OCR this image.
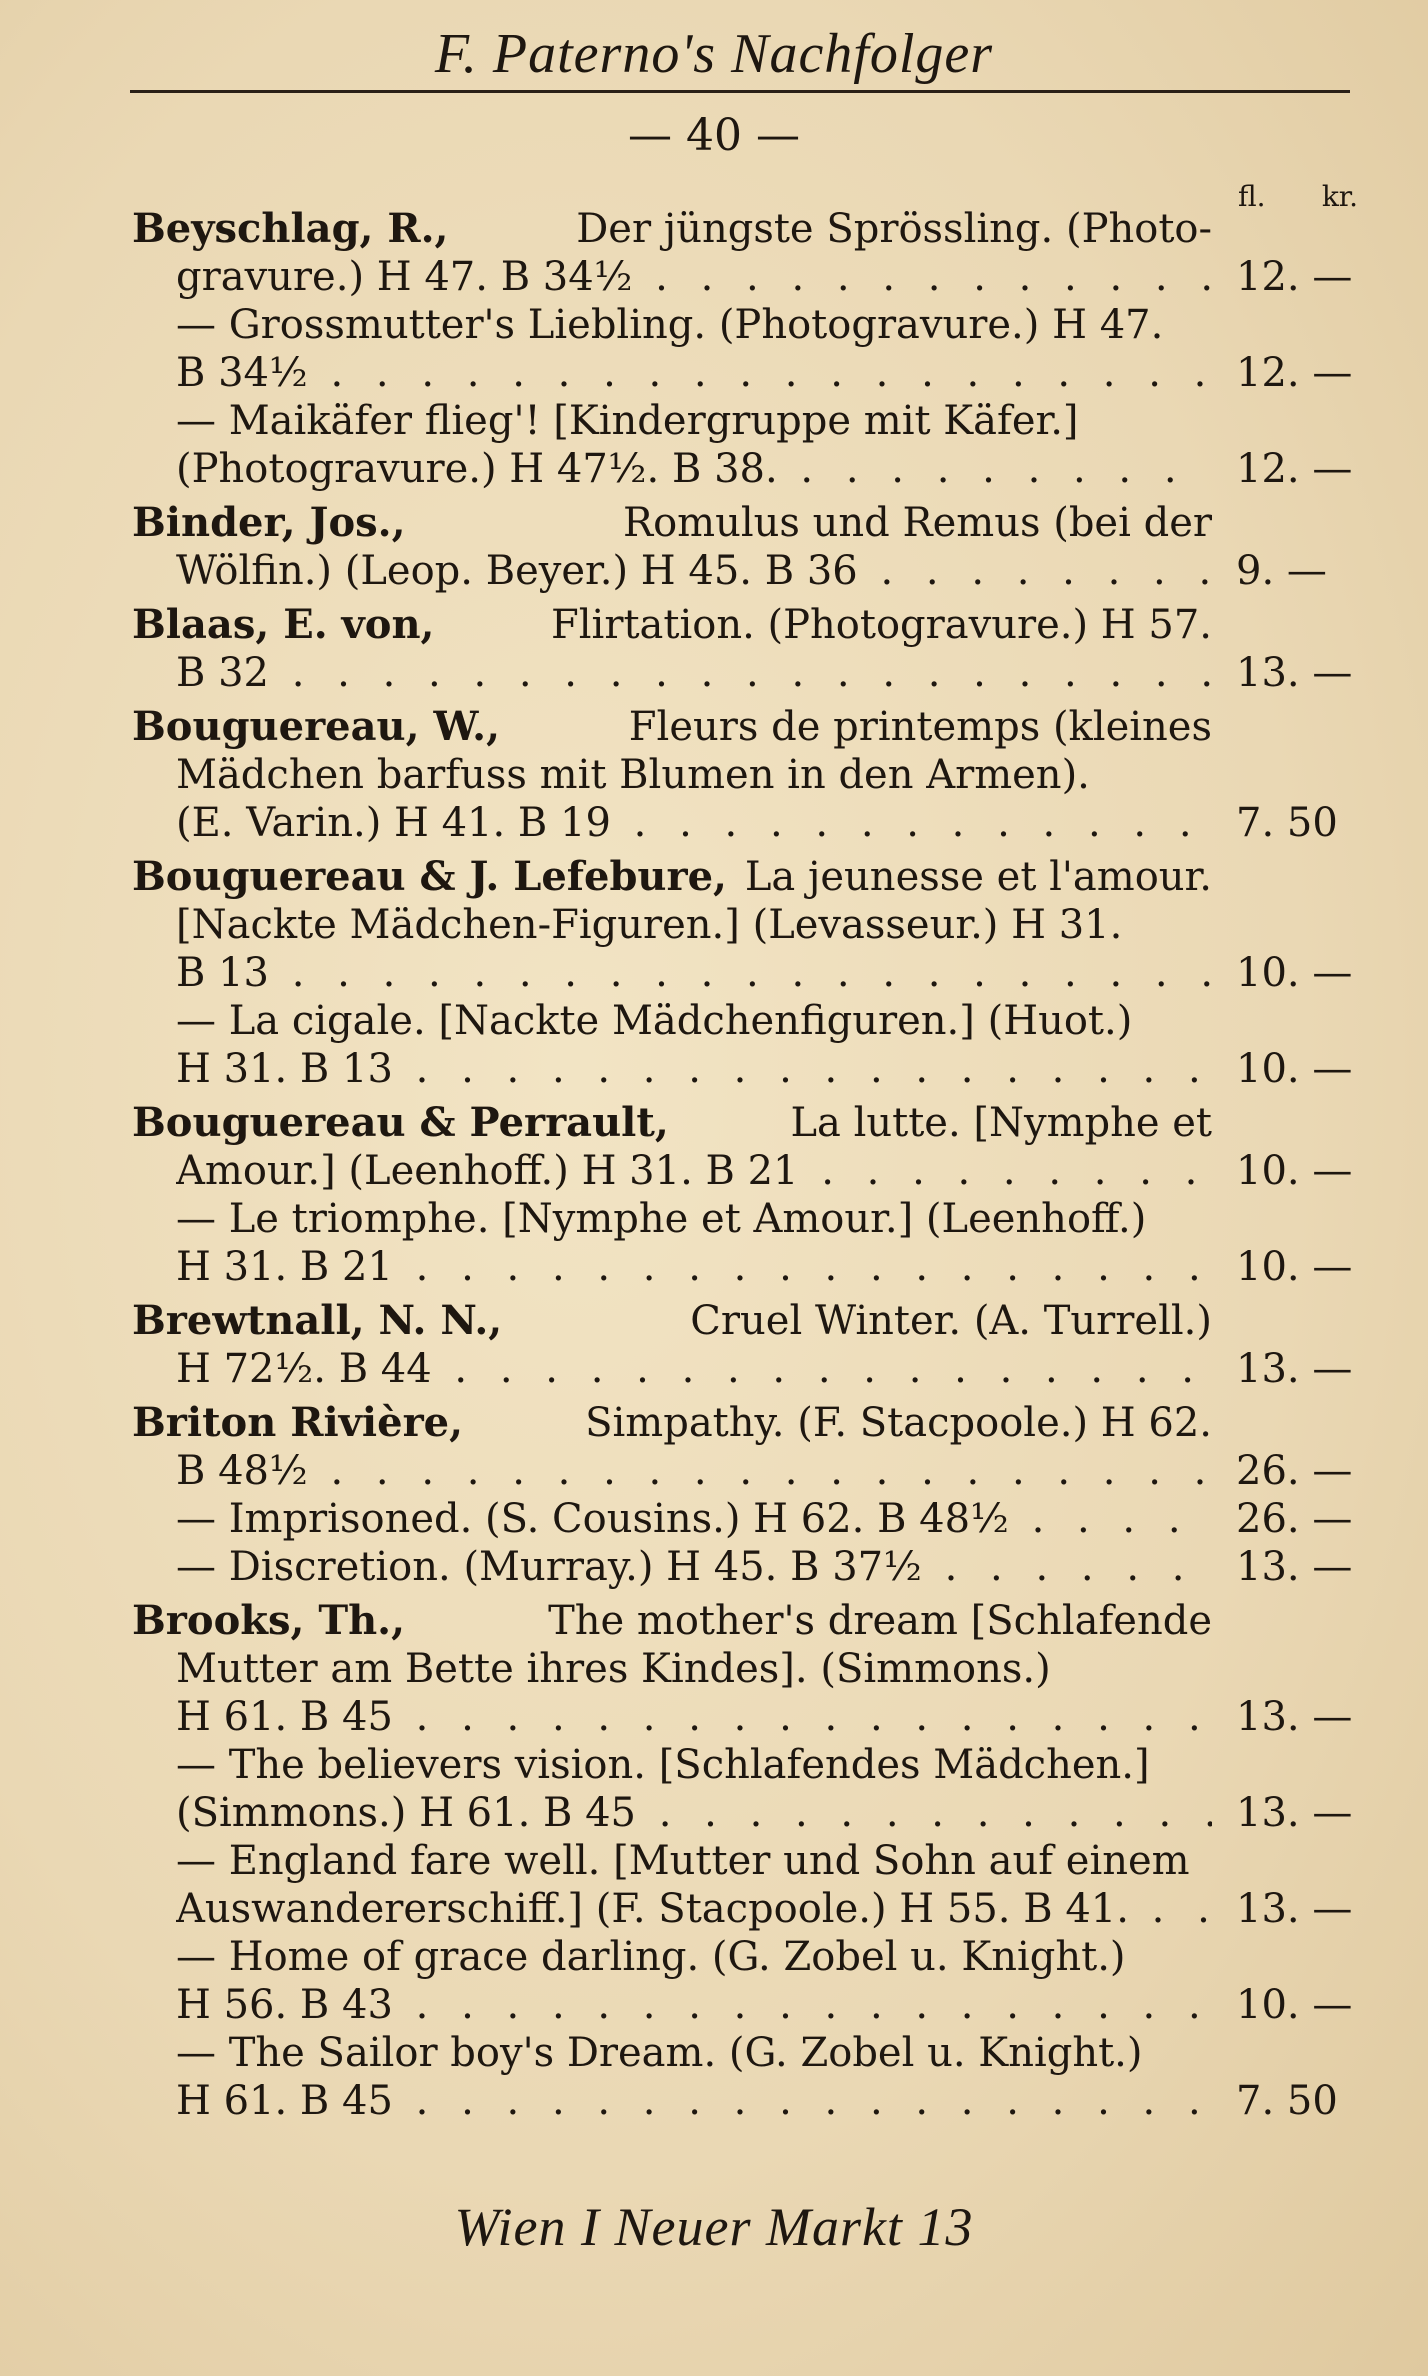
F. Paterno's Nachfolger
— 40 —
fl. kr.
Beyschlag, R.,	Der jüngste Sprössling. (Photo-
gravure.) H 47. B 34½ . . .	12. —
— Grossmutter's Liebling. (Photogravure.) H 47.
B 34½ . . .	12. —
— Maikäfer flieg'! [Kindergruppe mit Käfer.]
(Photogravure.) H 47½. B 38. . . .	12. —
Binder, Jos.,	Romulus und Remus (bei der
Wölfin.) (Leop. Beyer.) H 45. B 36 . . .	9. —
Blaas, E. von,	Flirtation. (Photogravure.) H 57.
B 32 . . .	13. —
Bouguereau, W.,	Fleurs de printemps (kleines
Mädchen barfuss mit Blumen in den Armen).
(E. Varin.) H 41. B 19 . . .	7. 50
Bouguereau & J. Lefebure, La jeunesse et l'amour.
[Nackte Mädchen-Figuren.] (Levasseur.) H 31.
B 13 . . .	10. —
— La cigale. [Nackte Mädchenfiguren.] (Huot.)
H 31. B 13 . . .	10. —
Bouguereau & Perrault,	La lutte. [Nymphe et
Amour.] (Leenhoff.) H 31. B 21 . . .	10. —
— Le triomphe. [Nymphe et Amour.] (Leenhoff.)
H 31. B 21 . . .	10. —
Brewtnall, N. N.,	Cruel Winter. (A. Turrell.)
H 72½. B 44 . . .	13. —
Briton Rivière,	Simpathy. (F. Stacpoole.) H 62.
B 48½ . . .	26. —
— Imprisoned. (S. Cousins.) H 62. B 48½ . . .	26. —
— Discretion. (Murray.) H 45. B 37½ . . .	13. —
Brooks, Th.,	The mother's dream [Schlafende
Mutter am Bette ihres Kindes]. (Simmons.)
H 61. B 45 . . .	13. —
— The believers vision. [Schlafendes Mädchen.]
(Simmons.) H 61. B 45 . . .	13. —
— England fare well. [Mutter und Sohn auf einem
Auswandererschiff.] (F. Stacpoole.) H 55. B 41. . . .	13. —
— Home of grace darling. (G. Zobel u. Knight.)
H 56. B 43 . . .	10. —
— The Sailor boy's Dream. (G. Zobel u. Knight.)
H 61. B 45 . . .	7. 50
Wien I Neuer Markt 13
